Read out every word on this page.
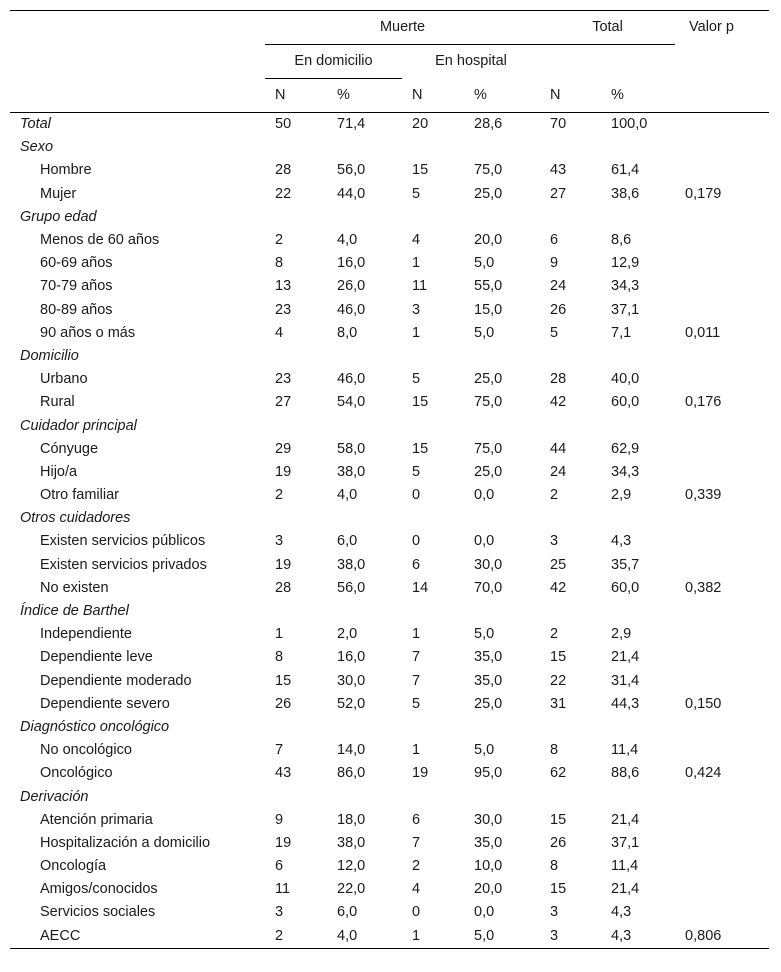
	Muerte				Total		Valor p
	En domicilio		En hospital				
	N	%	N	%	N	%	
Total	50	71,4	20	28,6	70	100,0	
Sexo							
Hombre	28	56,0	15	75,0	43	61,4	
Mujer	22	44,0	5	25,0	27	38,6	0,179
Grupo edad							
Menos de 60 años	2	4,0	4	20,0	6	8,6	
60-69 años	8	16,0	1	5,0	9	12,9	
70-79 años	13	26,0	11	55,0	24	34,3	
80-89 años	23	46,0	3	15,0	26	37,1	
90 años o más	4	8,0	1	5,0	5	7,1	0,011
Domicilio							
Urbano	23	46,0	5	25,0	28	40,0	
Rural	27	54,0	15	75,0	42	60,0	0,176
Cuidador principal							
Cónyuge	29	58,0	15	75,0	44	62,9	
Hijo/a	19	38,0	5	25,0	24	34,3	
Otro familiar	2	4,0	0	0,0	2	2,9	0,339
Otros cuidadores							
Existen servicios públicos	3	6,0	0	0,0	3	4,3	
Existen servicios privados	19	38,0	6	30,0	25	35,7	
No existen	28	56,0	14	70,0	42	60,0	0,382
Índice de Barthel							
Independiente	1	2,0	1	5,0	2	2,9	
Dependiente leve	8	16,0	7	35,0	15	21,4	
Dependiente moderado	15	30,0	7	35,0	22	31,4	
Dependiente severo	26	52,0	5	25,0	31	44,3	0,150
Diagnóstico oncológico							
No oncológico	7	14,0	1	5,0	8	11,4	
Oncológico	43	86,0	19	95,0	62	88,6	0,424
Derivación							
Atención primaria	9	18,0	6	30,0	15	21,4	
Hospitalización a domicilio	19	38,0	7	35,0	26	37,1	
Oncología	6	12,0	2	10,0	8	11,4	
Amigos/conocidos	11	22,0	4	20,0	15	21,4	
Servicios sociales	3	6,0	0	0,0	3	4,3	
AECC	2	4,0	1	5,0	3	4,3	0,806
